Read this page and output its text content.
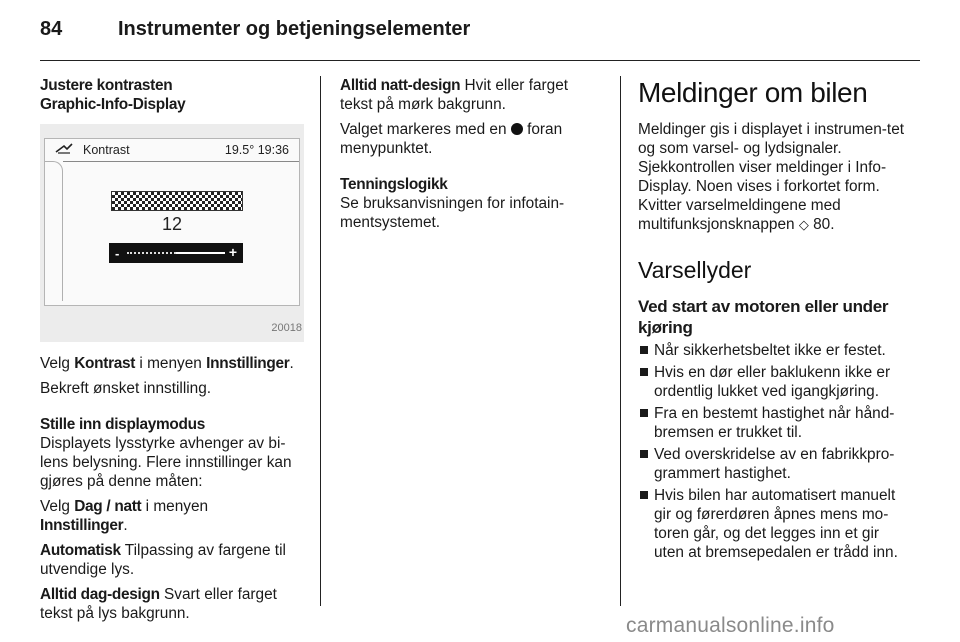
84	Instrumenter og betjeningselementer
Justere kontrasten
Graphic-Info-Display
Kontrast	19.5° 19:36
12
-	+
20018
Velg Kontrast i menyen Innstillinger.
Bekreft ønsket innstilling.
Stille inn displaymodus
Displayets lysstyrke avhenger av bi-lens belysning. Flere innstillinger kan gjøres på denne måten:
Velg Dag / natt i menyen
Innstillinger.
Automatisk Tilpassing av fargene til utvendige lys.
Alltid dag-design Svart eller farget tekst på lys bakgrunn.
Alltid natt-design Hvit eller farget tekst på mørk bakgrunn.
Valget markeres med en  foran menypunktet.
Tenningslogikk
Se bruksanvisningen for infotain-mentsystemet.
Meldinger om bilen
Meldinger gis i displayet i instrumen-tet og som varsel- og lydsignaler. Sjekkontrollen viser meldinger i Info-Display. Noen vises i forkortet form. Kvitter varselmeldingene med multifunksjonsknappen ◇ 80.
Varsellyder
Ved start av motoren eller under kjøring
Når sikkerhetsbeltet ikke er festet.
Hvis en dør eller baklukenn ikke er ordentlig lukket ved igangkjøring.
Fra en bestemt hastighet når hånd-bremsen er trukket til.
Ved overskridelse av en fabrikkpro-grammert hastighet.
Hvis bilen har automatisert manuelt gir og førerdøren åpnes mens mo-toren går, og det legges inn et gir uten at bremsepedalen er trådd inn.
carmanualsonline.info
